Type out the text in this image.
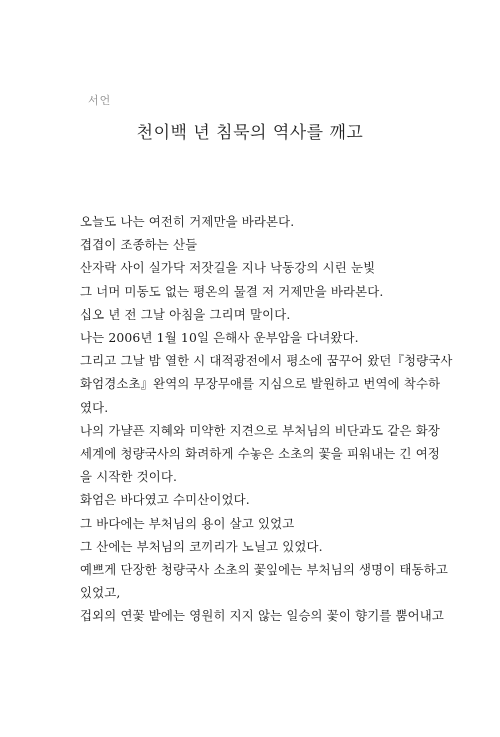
서언
천이백 년 침묵의 역사를 깨고
오늘도 나는 여전히 거제만을 바라본다.
겹겹이 조종하는 산들
산자락 사이 실가닥 저잣길을 지나 낙동강의 시린 눈빛
그 너머 미동도 없는 평온의 물결 저 거제만을 바라본다.
십오 년 전 그날 아침을 그리며 말이다.
나는 2006년 1월 10일 은해사 운부암을 다녀왔다.
그리고 그날 밤 열한 시 대적광전에서 평소에 꿈꾸어 왔던『청량국사
화엄경소초』완역의 무장무애를 지심으로 발원하고 번역에 착수하
였다.
나의 가냘픈 지혜와 미약한 지견으로 부처님의 비단과도 같은 화장
세계에 청량국사의 화려하게 수놓은 소초의 꽃을 피워내는 긴 여정
을 시작한 것이다.
화엄은 바다였고 수미산이었다.
그 바다에는 부처님의 용이 살고 있었고
그 산에는 부처님의 코끼리가 노닐고 있었다.
예쁘게 단장한 청량국사 소초의 꽃잎에는 부처님의 생명이 태동하고
있었고,
겁외의 연꽃 밭에는 영원히 지지 않는 일승의 꽃이 향기를 뿜어내고
